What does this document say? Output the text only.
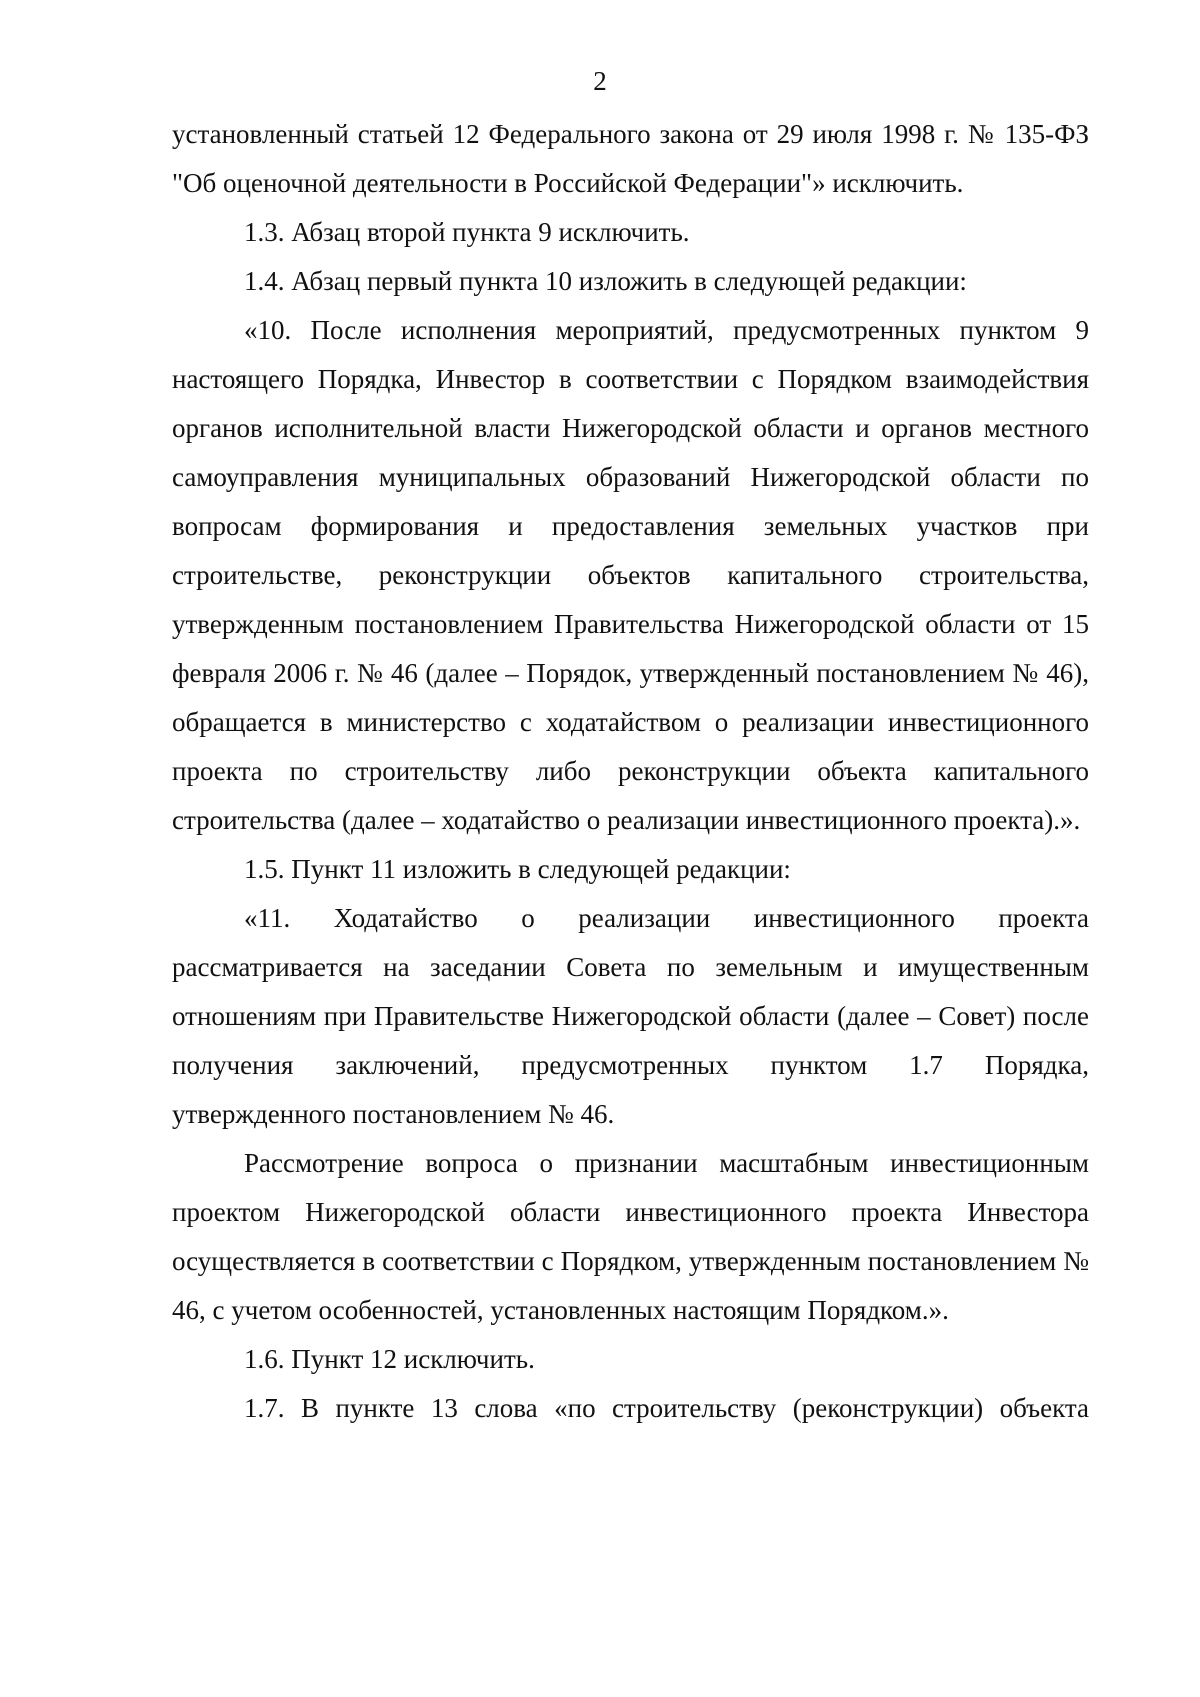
2

установленный статьей 12 Федерального закона от 29 июля 1998 г. № 135-ФЗ "Об оценочной деятельности в Российской Федерации"» исключить.

1.3. Абзац второй пункта 9 исключить.

1.4. Абзац первый пункта 10 изложить в следующей редакции:

«10. После исполнения мероприятий, предусмотренных пунктом 9 настоящего Порядка, Инвестор в соответствии с Порядком взаимодействия органов исполнительной власти Нижегородской области и органов местного самоуправления муниципальных образований Нижегородской области по вопросам формирования и предоставления земельных участков при строительстве, реконструкции объектов капитального строительства, утвержденным постановлением Правительства Нижегородской области от 15 февраля 2006 г. № 46 (далее – Порядок, утвержденный постановлением № 46), обращается в министерство с ходатайством о реализации инвестиционного проекта по строительству либо реконструкции объекта капитального строительства (далее – ходатайство о реализации инвестиционного проекта).».

1.5. Пункт 11 изложить в следующей редакции:

«11. Ходатайство о реализации инвестиционного проекта рассматривается на заседании Совета по земельным и имущественным отношениям при Правительстве Нижегородской области (далее – Совет) после получения заключений, предусмотренных пунктом 1.7 Порядка, утвержденного постановлением № 46.

Рассмотрение вопроса о признании масштабным инвестиционным проектом Нижегородской области инвестиционного проекта Инвестора осуществляется в соответствии с Порядком, утвержденным постановлением № 46, с учетом особенностей, установленных настоящим Порядком.».

1.6. Пункт 12 исключить.

1.7. В пункте 13 слова «по строительству (реконструкции) объекта
